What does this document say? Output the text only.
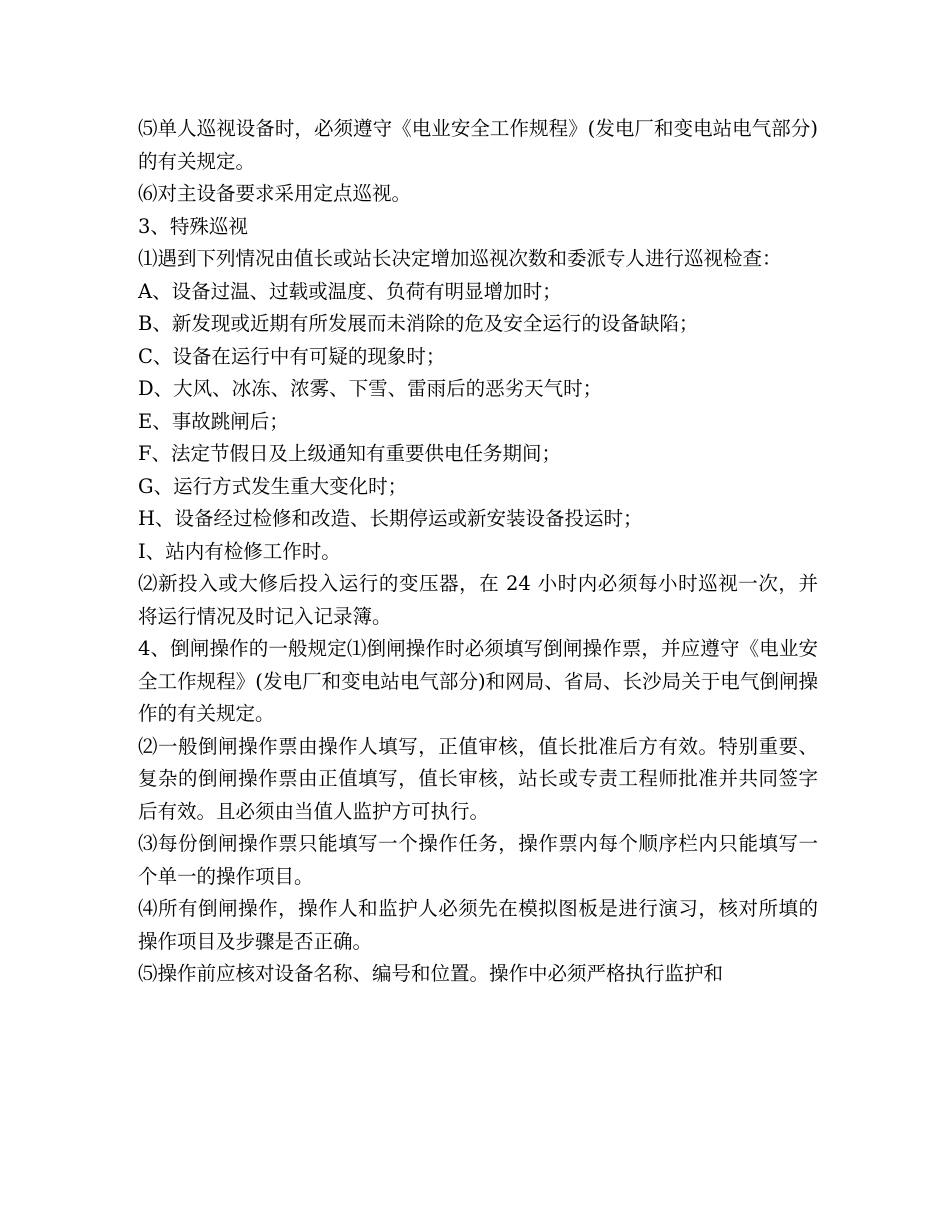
⑸单人巡视设备时，必须遵守《电业安全工作规程》(发电厂和变电站电气部分)的有关规定。

⑹对主设备要求采用定点巡视。

3、特殊巡视

⑴遇到下列情况由值长或站长决定增加巡视次数和委派专人进行巡视检查：

A、设备过温、过载或温度、负荷有明显增加时；

B、新发现或近期有所发展而未消除的危及安全运行的设备缺陷；

C、设备在运行中有可疑的现象时；

D、大风、冰冻、浓雾、下雪、雷雨后的恶劣天气时；

E、事故跳闸后；

F、法定节假日及上级通知有重要供电任务期间；

G、运行方式发生重大变化时；

H、设备经过检修和改造、长期停运或新安装设备投运时；

I、站内有检修工作时。

⑵新投入或大修后投入运行的变压器，在 24 小时内必须每小时巡视一次，并将运行情况及时记入记录簿。

4、倒闸操作的一般规定⑴倒闸操作时必须填写倒闸操作票，并应遵守《电业安全工作规程》(发电厂和变电站电气部分)和网局、省局、长沙局关于电气倒闸操作的有关规定。

⑵一般倒闸操作票由操作人填写，正值审核，值长批准后方有效。特别重要、复杂的倒闸操作票由正值填写，值长审核，站长或专责工程师批准并共同签字后有效。且必须由当值人监护方可执行。

⑶每份倒闸操作票只能填写一个操作任务，操作票内每个顺序栏内只能填写一个单一的操作项目。

⑷所有倒闸操作，操作人和监护人必须先在模拟图板是进行演习，核对所填的操作项目及步骤是否正确。

⑸操作前应核对设备名称、编号和位置。操作中必须严格执行监护和
